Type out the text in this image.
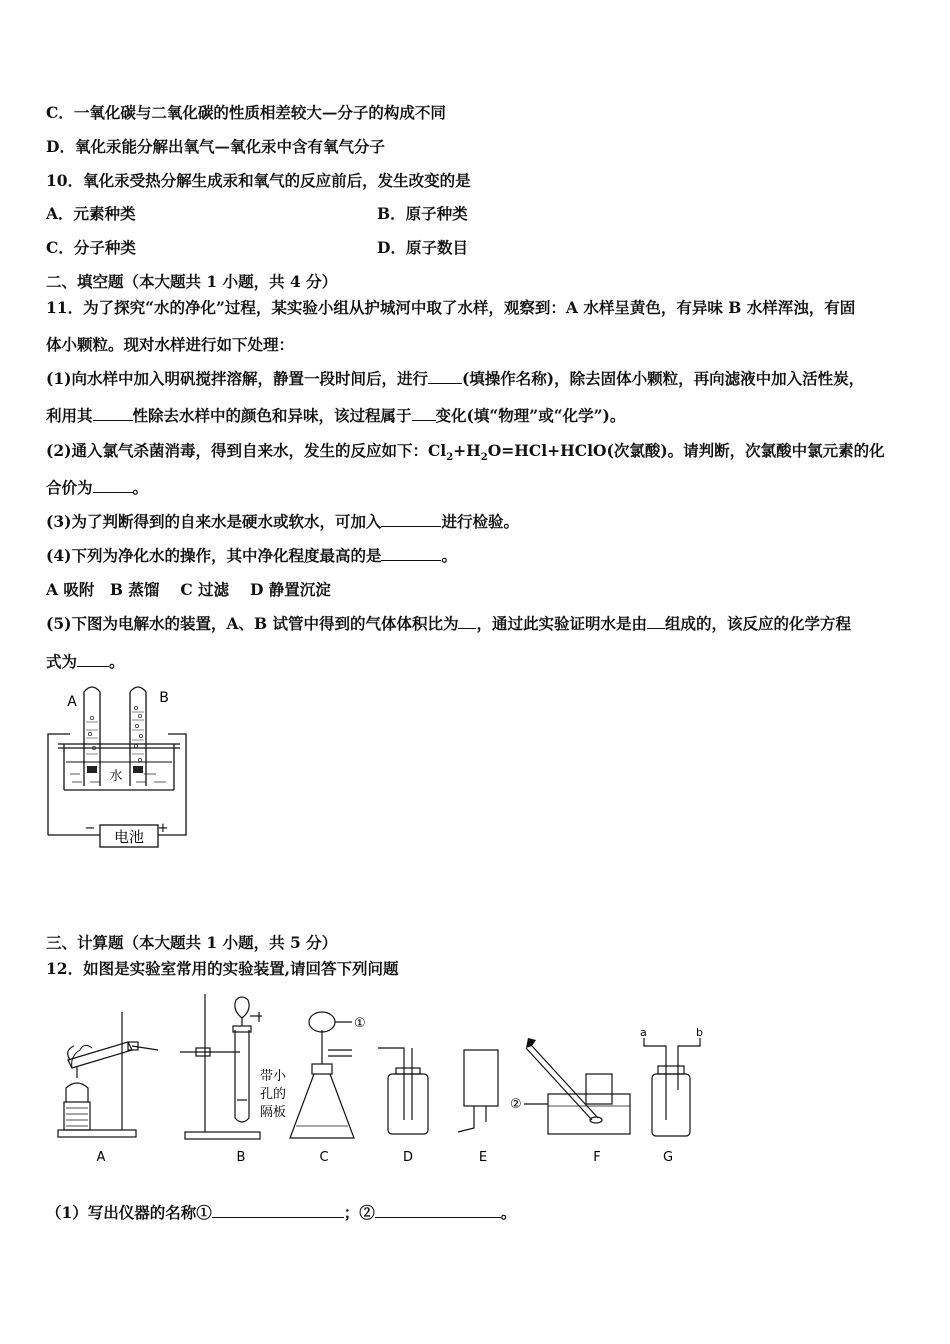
C．一氧化碳与二氧化碳的性质相差较大—分子的构成不同
D．氧化汞能分解出氧气—氧化汞中含有氧气分子
10．氧化汞受热分解生成汞和氧气的反应前后，发生改变的是
A．元素种类	B．原子种类
C．分子种类	D．原子数目
二、填空题（本大题共 1 小题，共 4 分）
11．为了探究“水的净化”过程，某实验小组从护城河中取了水样，观察到：A 水样呈黄色，有异味 B 水样浑浊，有固
体小颗粒。现对水样进行如下处理：
(1)向水样中加入明矾搅拌溶解，静置一段时间后，进行 (填操作名称)，除去固体小颗粒，再向滤液中加入活性炭，
利用其	性除去水样中的颜色和异味，该过程属于 变化(填“物理”或“化学”)。
(2)通入氯气杀菌消毒，得到自来水，发生的反应如下：$Cl_2+H_2O=HCl+HClO$(次氯酸)。请判断，次氯酸中氯元素的化
合价为	。
(3)为了判断得到的自来水是硬水或软水，可加入	进行检验。
(4)下列为净化水的操作，其中净化程度最高的是	。
A 吸附　B 蒸馏　 C 过滤　 D 静置沉淀
(5)下图为电解水的装置，A、B 试管中得到的气体体积比为 ，通过此实验证明水是由 组成的，该反应的化学方程
式为 。
电池
−	+
A	B
水
三、计算题（本大题共 1 小题，共 5 分）
12．如图是实验室常用的实验装置,请回答下列问题
带小
孔的
隔板
①
②
a	b
A	B	C	D	E	F	G
（1）写出仪器的名称①	；②	。
